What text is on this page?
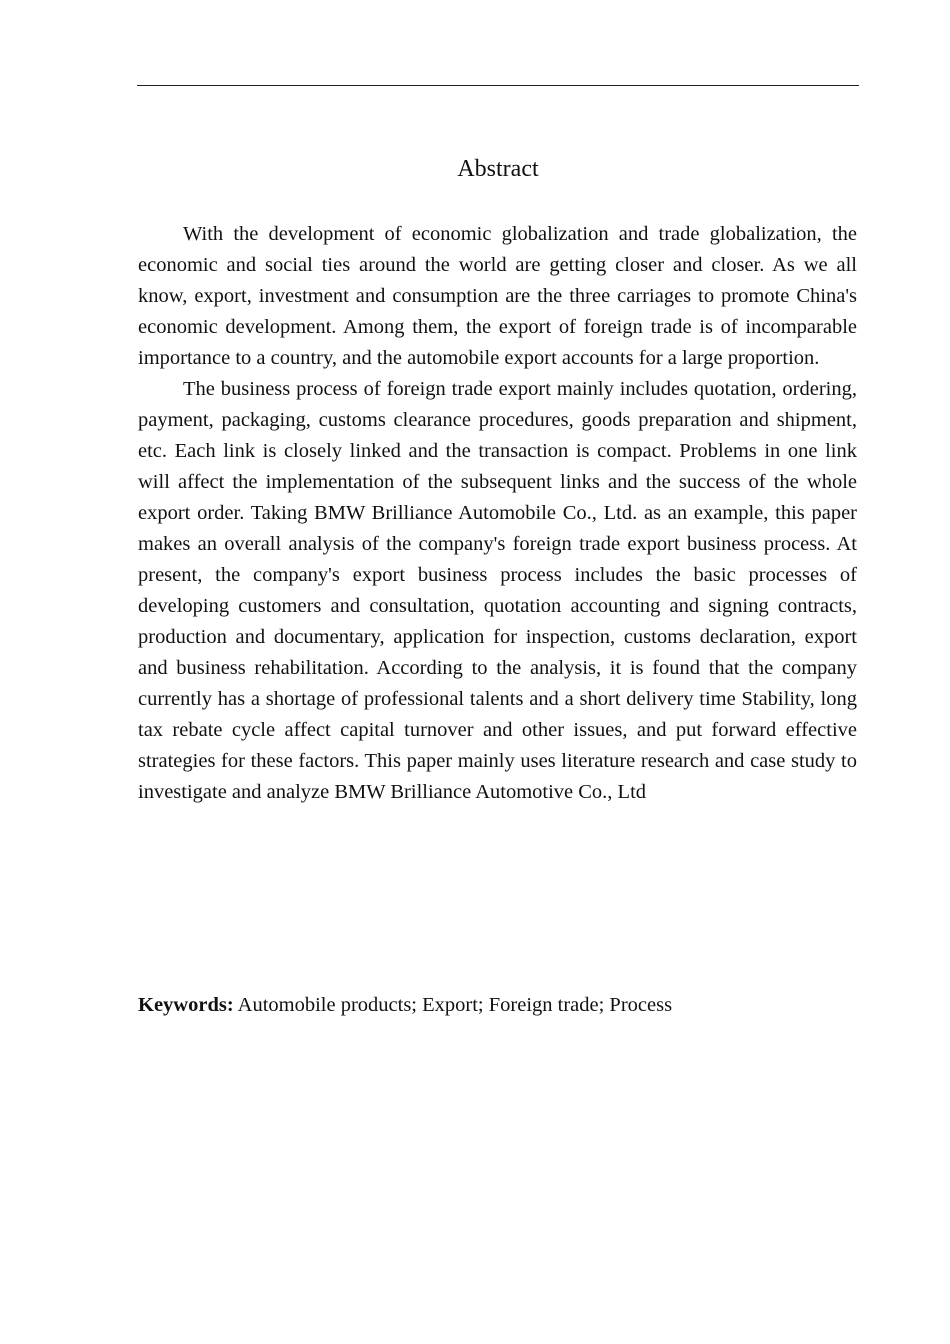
Abstract

With the development of economic globalization and trade globalization, the economic and social ties around the world are getting closer and closer. As we all know, export, investment and consumption are the three carriages to promote China's economic development. Among them, the export of foreign trade is of incomparable importance to a country, and the automobile export accounts for a large proportion.

The business process of foreign trade export mainly includes quotation, ordering, payment, packaging, customs clearance procedures, goods preparation and shipment, etc. Each link is closely linked and the transaction is compact. Problems in one link will affect the implementation of the subsequent links and the success of the whole export order. Taking BMW Brilliance Automobile Co., Ltd. as an example, this paper makes an overall analysis of the company's foreign trade export business process. At present, the company's export business process includes the basic processes of developing customers and consultation, quotation accounting and signing contracts, production and documentary, application for inspection, customs declaration, export and business rehabilitation. According to the analysis, it is found that the company currently has a shortage of professional talents and a short delivery time Stability, long tax rebate cycle affect capital turnover and other issues, and put forward effective strategies for these factors. This paper mainly uses literature research and case study to investigate and analyze BMW Brilliance Automotive Co., Ltd

Keywords: Automobile products; Export; Foreign trade; Process
